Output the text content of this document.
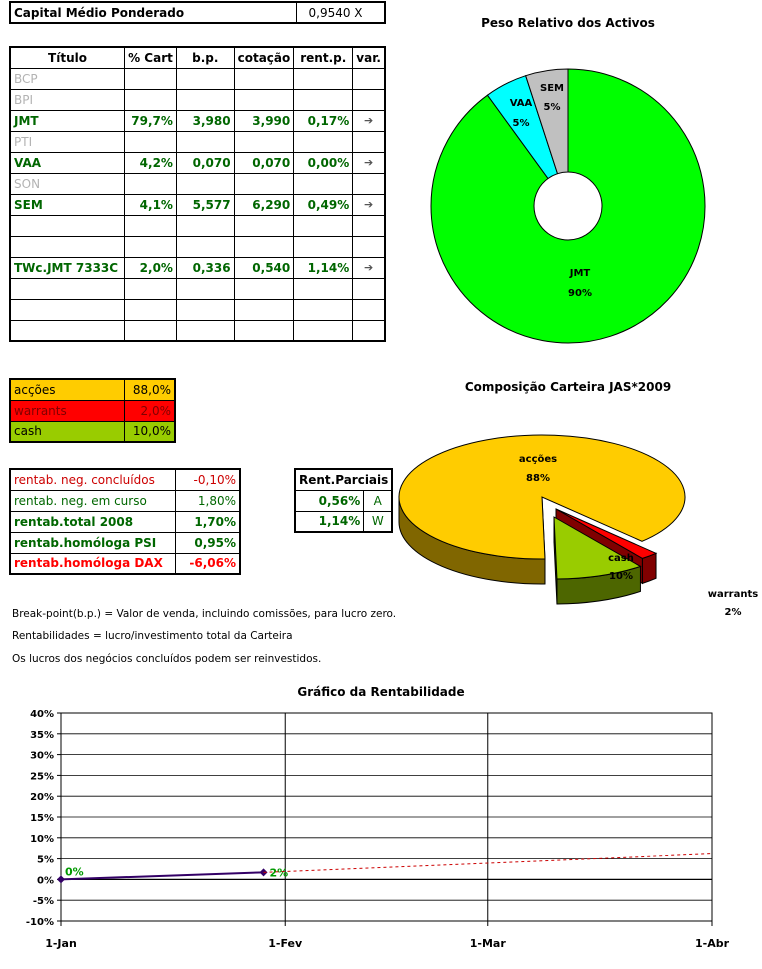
Capital Médio Ponderado	0,9540 X
Título	% Cart	b.p.	cotação	rent.p.	var.
BCP					
BPI					
JMT	79,7%	3,980	3,990	0,17%	➔
PTI					
VAA	4,2%	0,070	0,070	0,00%	➔
SON					
SEM	4,1%	5,577	6,290	0,49%	➔

TWc.JMT 7333C	2,0%	0,336	0,540	1,14%	➔

acções	88,0%
warrants	2,0%
cash	10,0%
rentab. neg. concluídos	-0,10%
rentab. neg. em curso	1,80%
rentab.total 2008	1,70%
rentab.homóloga PSI	0,95%
rentab.homóloga DAX	-6,06%
Rent.Parciais	
0,56%	A
1,14%	W
Break-point(b.p.) = Valor de venda, incluindo comissões, para lucro zero.
Rentabilidades = lucro/investimento total da Carteira
Os lucros dos negócios concluídos podem ser reinvestidos.
Peso Relativo dos Activos
JMT
90%
VAA
5%
SEM
5%
Composição Carteira JAS*2009
acções
88%
cash
10%
warrants
2%
Gráfico da Rentabilidade
-10%
-5%
0%
5%
10%
15%
20%
25%
30%
35%
40%
1-Jan	1-Fev	1-Mar	1-Abr
0%	2%
